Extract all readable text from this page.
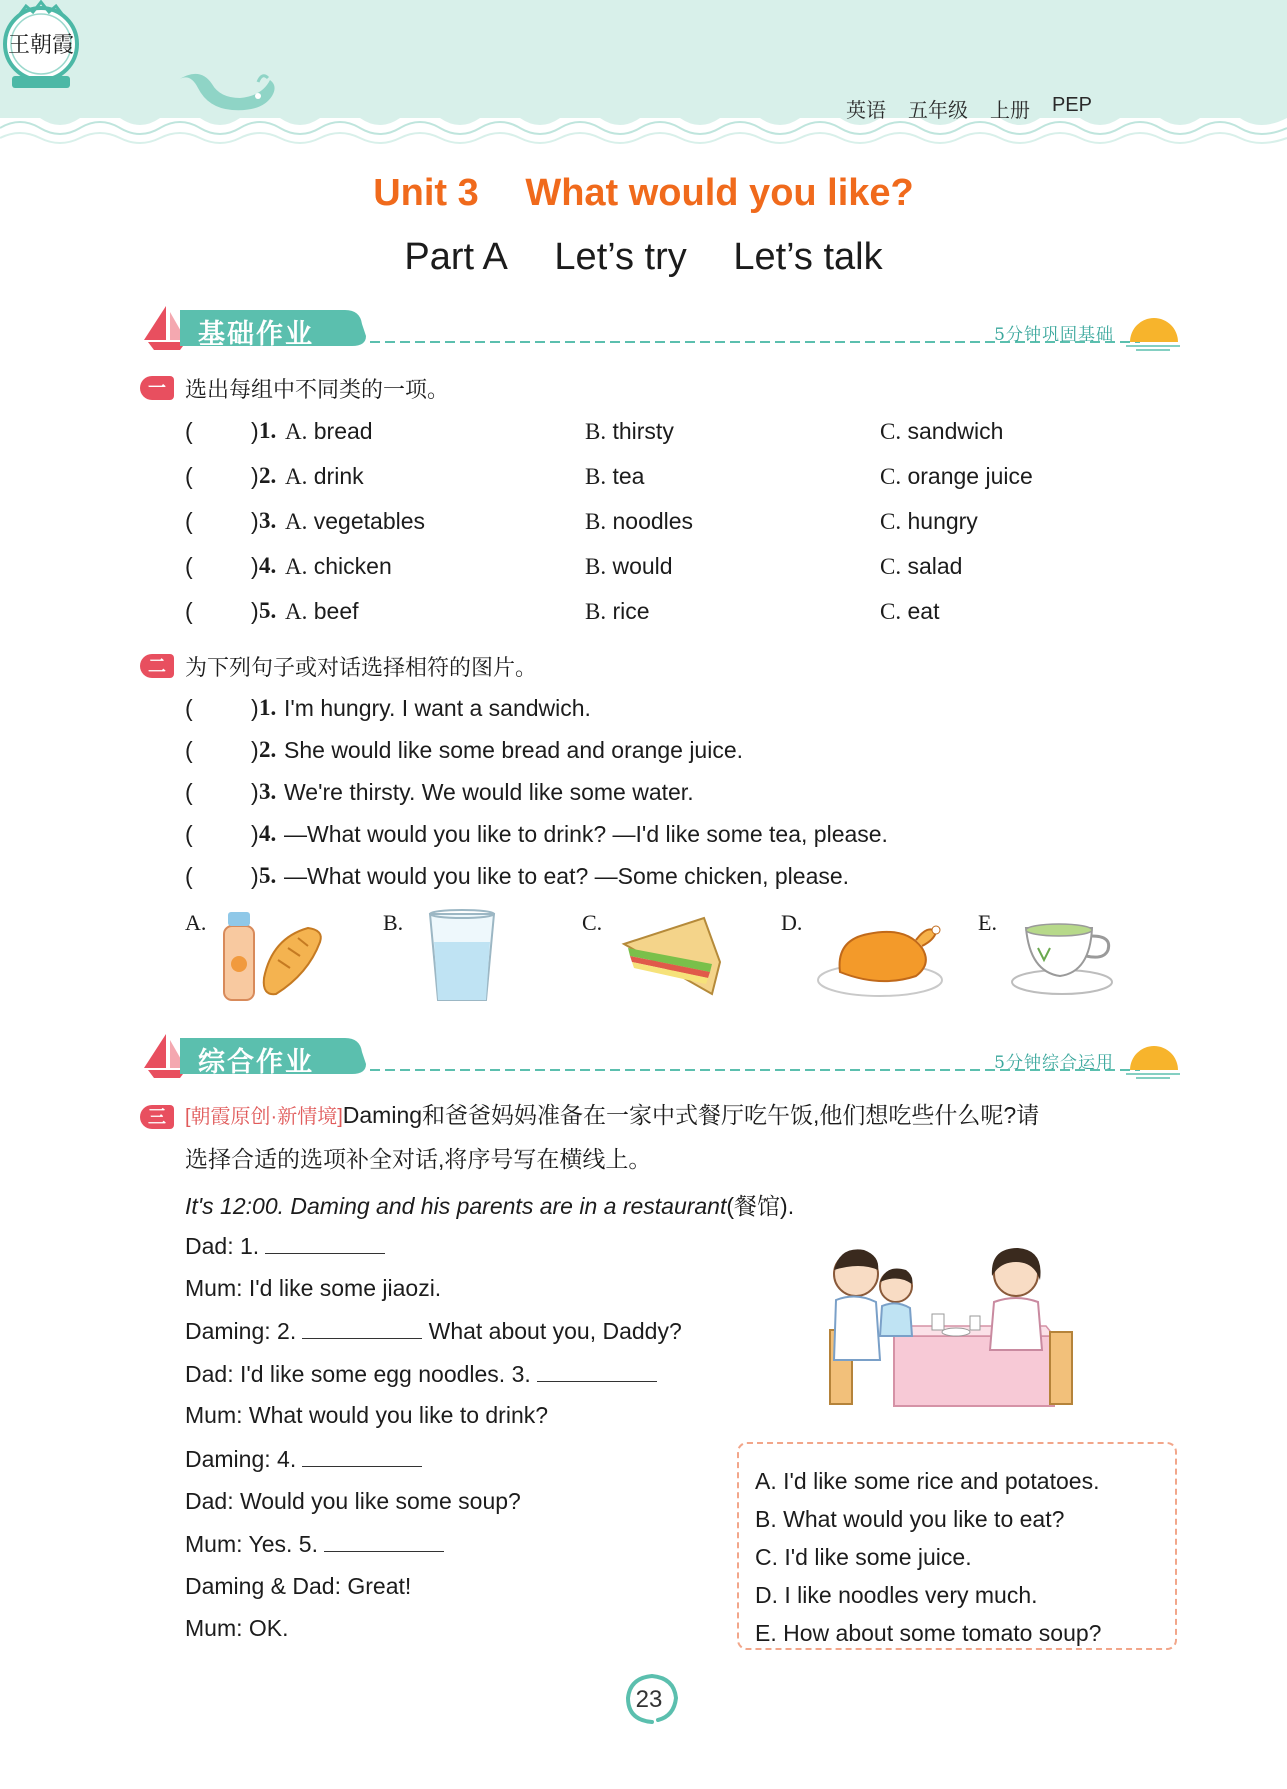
英语 五年级 上册 PEP
王朝霞
Unit 3 What would you like?
Part A Let’s try Let’s talk
基础作业	5分钟巩固基础
一 选出每组中不同类的一项。
(	) 1. A. bread	B. thirsty	C. sandwich
(	) 2. A. drink	B. tea	C. orange juice
(	) 3. A. vegetables	B. noodles	C. hungry
(	) 4. A. chicken	B. would	C. salad
(	) 5. A. beef	B. rice	C. eat
二 为下列句子或对话选择相符的图片。
(	) 1. I'm hungry. I want a sandwich.
(	) 2. She would like some bread and orange juice.
(	) 3. We're thirsty. We would like some water.
(	) 4. —What would you like to drink? —I'd like some tea, please.
(	) 5. —What would you like to eat? —Some chicken, please.
A.	B.	C.	D.	E.
综合作业	5分钟综合运用
三 [朝霞原创·新情境]Daming和爸爸妈妈准备在一家中式餐厅吃午饭,他们想吃些什么呢?请
选择合适的选项补全对话,将序号写在横线上。
It's 12:00. Daming and his parents are in a restaurant(餐馆).
Dad: 1.
Mum: I'd like some jiaozi.
Daming: 2.	What about you, Daddy?
Dad: I'd like some egg noodles. 3.
Mum: What would you like to drink?
Daming: 4.
Dad: Would you like some soup?
Mum: Yes. 5.
Daming & Dad: Great!
Mum: OK.
A. I'd like some rice and potatoes.
B. What would you like to eat?
C. I'd like some juice.
D. I like noodles very much.
E. How about some tomato soup?
23
